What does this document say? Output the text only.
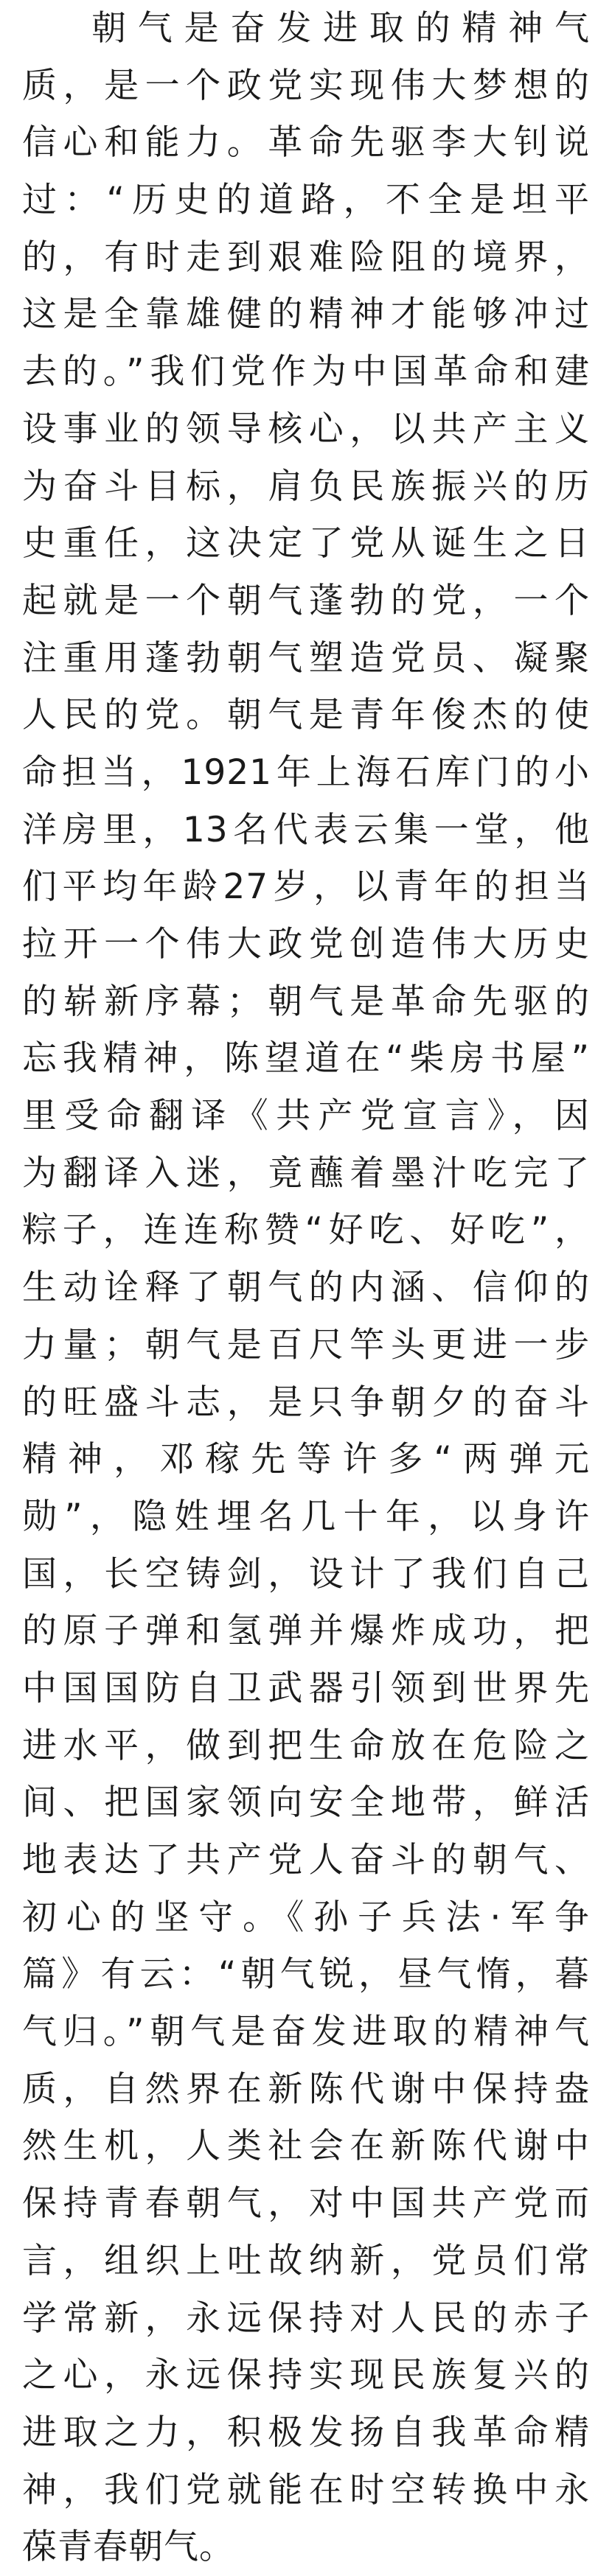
朝气是奋发进取的精神气
质，是一个政党实现伟大梦想的
信心和能力。革命先驱李大钊说
过：“历史的道路，不全是坦平
的，有时走到艰难险阻的境界，
这是全靠雄健的精神才能够冲过
去的。”我们党作为中国革命和建
设事业的领导核心，以共产主义
为奋斗目标，肩负民族振兴的历
史重任，这决定了党从诞生之日
起就是一个朝气蓬勃的党，一个
注重用蓬勃朝气塑造党员、凝聚
人民的党。朝气是青年俊杰的使
命担当，1921年上海石库门的小
洋房里，13名代表云集一堂，他
们平均年龄27岁，以青年的担当
拉开一个伟大政党创造伟大历史
的崭新序幕；朝气是革命先驱的
忘我精神，陈望道在“柴房书屋”
里受命翻译《共产党宣言》，因
为翻译入迷，竟蘸着墨汁吃完了
粽子，连连称赞“好吃、好吃”，
生动诠释了朝气的内涵、信仰的
力量；朝气是百尺竿头更进一步
的旺盛斗志，是只争朝夕的奋斗
精神，邓稼先等许多“两弹元
勋”，隐姓埋名几十年，以身许
国，长空铸剑，设计了我们自己
的原子弹和氢弹并爆炸成功，把
中国国防自卫武器引领到世界先
进水平，做到把生命放在危险之
间、把国家领向安全地带，鲜活
地表达了共产党人奋斗的朝气、
初心的坚守。《孙子兵法·军争
篇》有云：“朝气锐，昼气惰，暮
气归。”朝气是奋发进取的精神气
质，自然界在新陈代谢中保持盎
然生机，人类社会在新陈代谢中
保持青春朝气，对中国共产党而
言，组织上吐故纳新，党员们常
学常新，永远保持对人民的赤子
之心，永远保持实现民族复兴的
进取之力，积极发扬自我革命精
神，我们党就能在时空转换中永
葆青春朝气。
